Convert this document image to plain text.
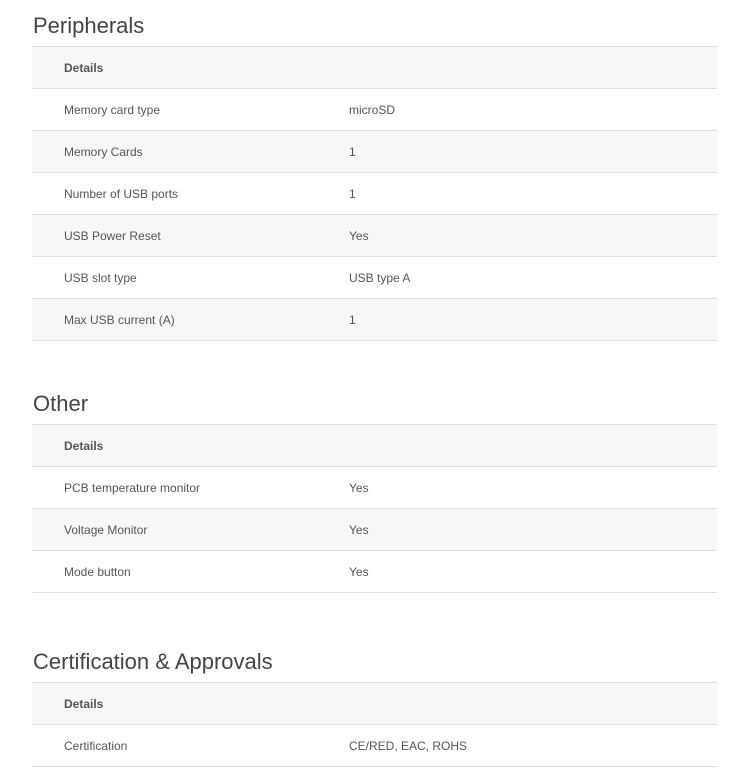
Peripherals
Details
Memory card type	microSD
Memory Cards	1
Number of USB ports	1
USB Power Reset	Yes
USB slot type	USB type A
Max USB current (A)	1
Other
Details
PCB temperature monitor	Yes
Voltage Monitor	Yes
Mode button	Yes
Certification & Approvals
Details
Certification	CE/RED, EAC, ROHS
